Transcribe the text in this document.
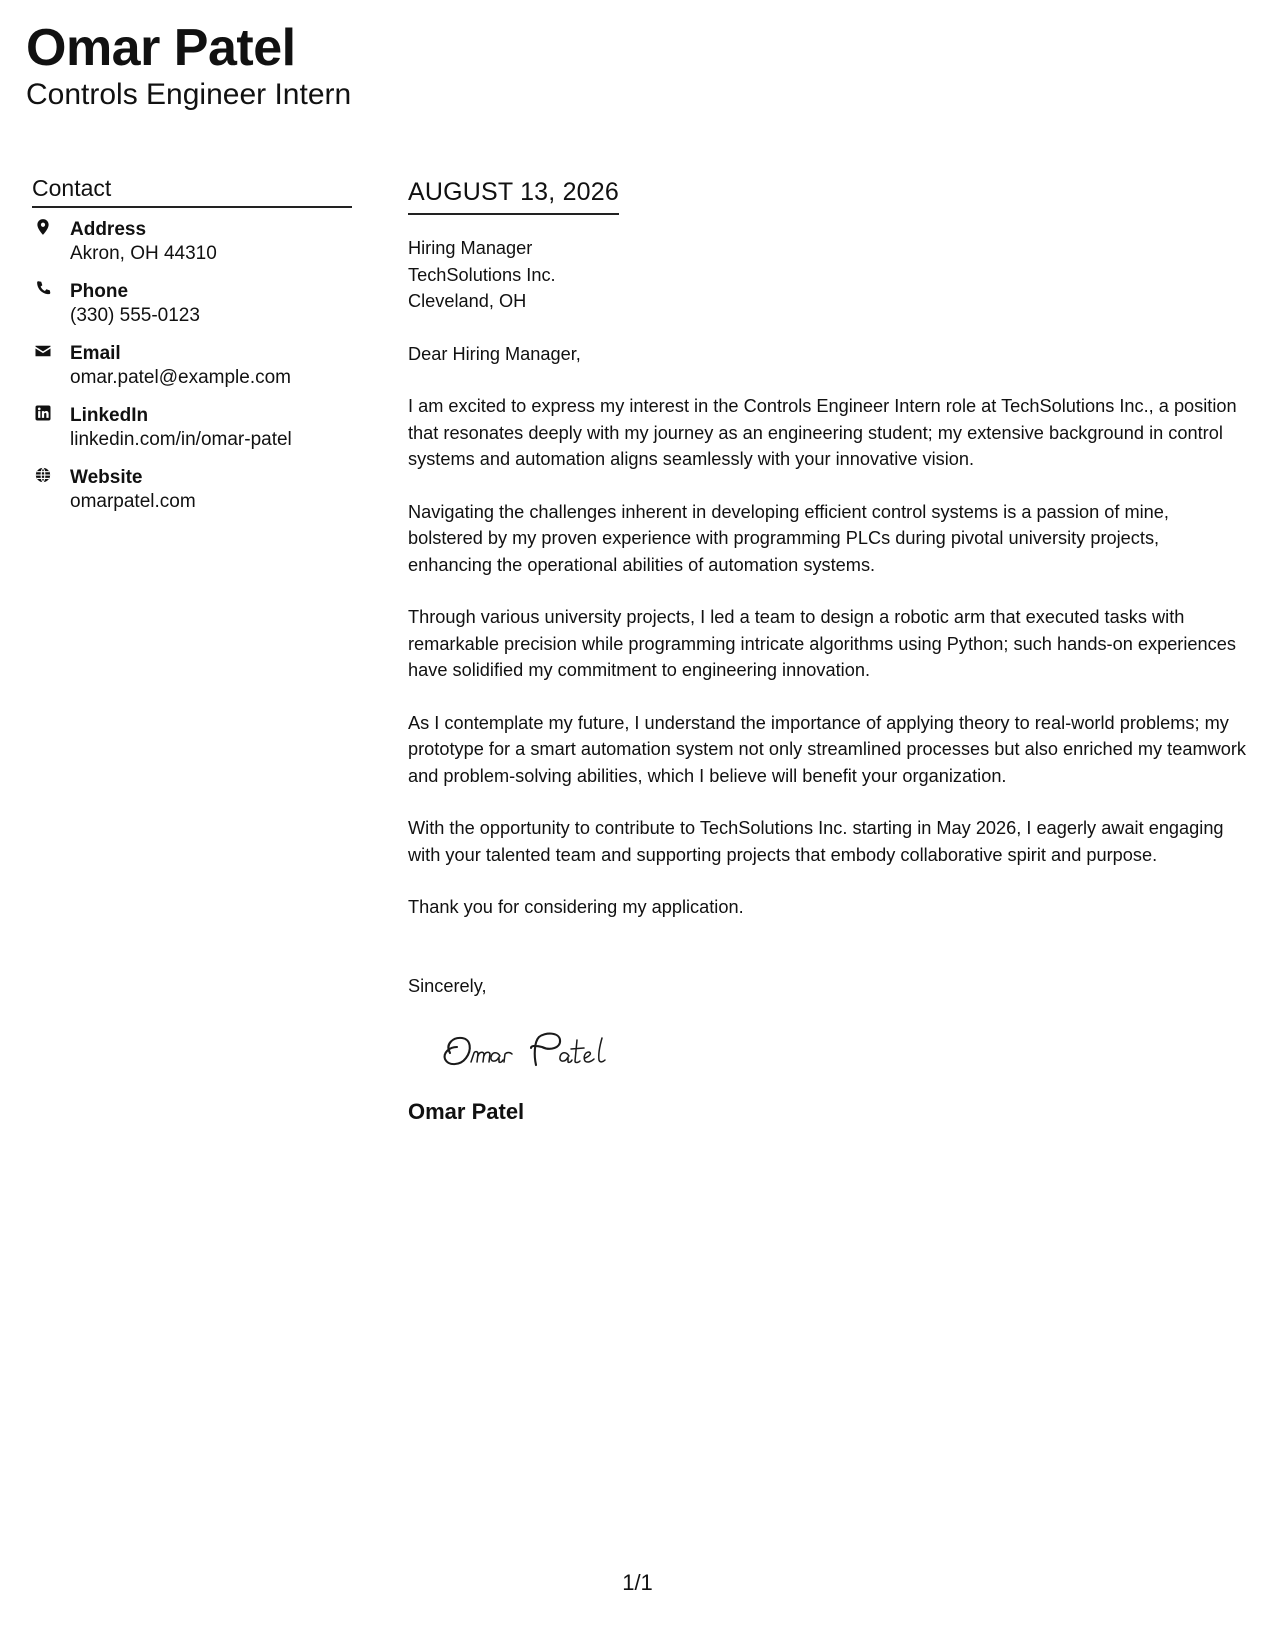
Omar Patel
Controls Engineer Intern
Contact
Address
Akron, OH 44310
Phone
(330) 555-0123
Email
omar.patel@example.com
LinkedIn
linkedin.com/in/omar-patel
Website
omarpatel.com
AUGUST 13, 2026
Hiring Manager
TechSolutions Inc.
Cleveland, OH
Dear Hiring Manager,

I am excited to express my interest in the Controls Engineer Intern role at TechSolutions Inc., a position that resonates deeply with my journey as an engineering student; my extensive background in control systems and automation aligns seamlessly with your innovative vision.

Navigating the challenges inherent in developing efficient control systems is a passion of mine, bolstered by my proven experience with programming PLCs during pivotal university projects, enhancing the operational abilities of automation systems.

Through various university projects, I led a team to design a robotic arm that executed tasks with remarkable precision while programming intricate algorithms using Python; such hands-on experiences have solidified my commitment to engineering innovation.

As I contemplate my future, I understand the importance of applying theory to real-world problems; my prototype for a smart automation system not only streamlined processes but also enriched my teamwork and problem-solving abilities, which I believe will benefit your organization.

With the opportunity to contribute to TechSolutions Inc. starting in May 2026, I eagerly await engaging with your talented team and supporting projects that embody collaborative spirit and purpose.

Thank you for considering my application.

Sincerely,
Omar Patel
1/1
